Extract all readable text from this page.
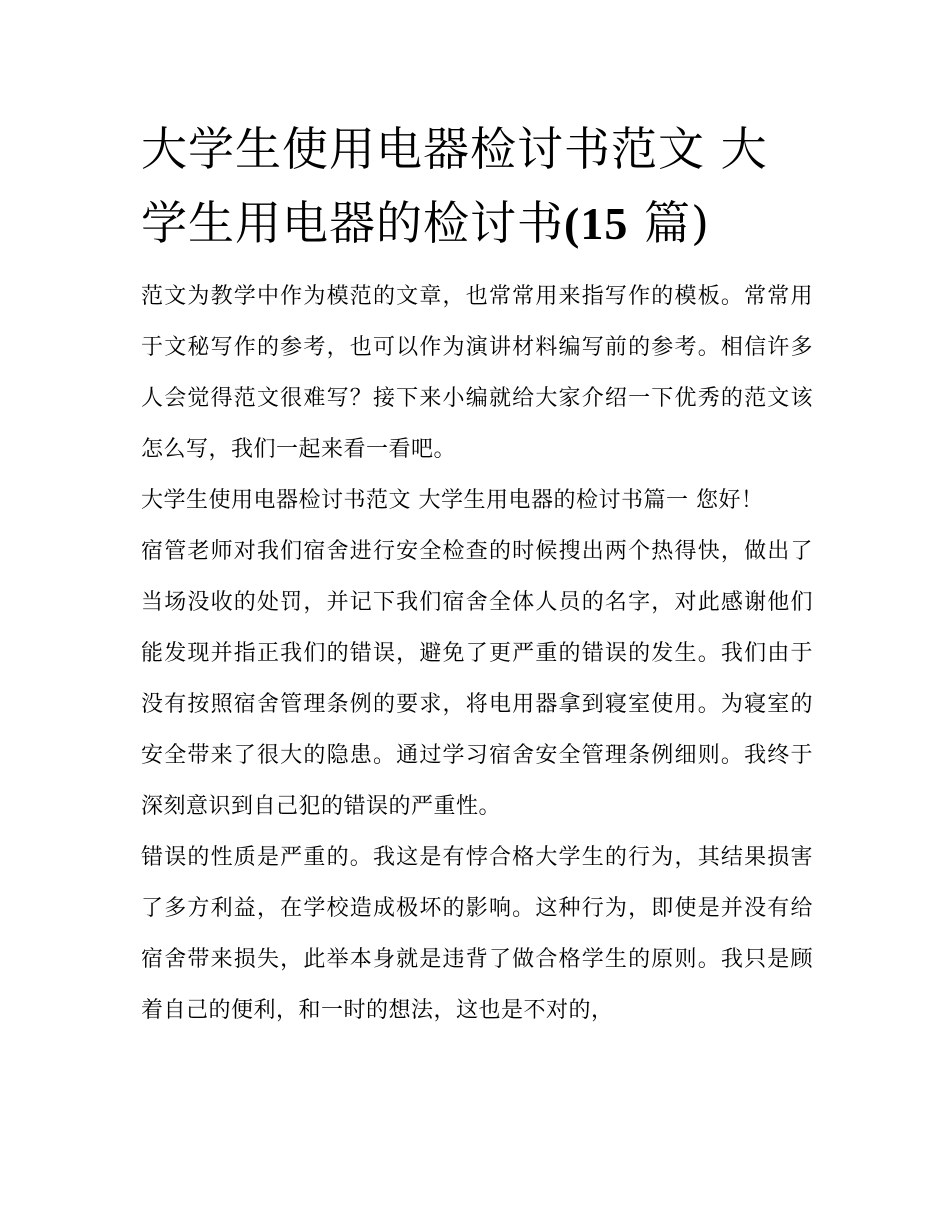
大学生使用电器检讨书范文 大学生用电器的检讨书(15 篇)

范文为教学中作为模范的文章，也常常用来指写作的模板。常常用于文秘写作的参考，也可以作为演讲材料编写前的参考。相信许多人会觉得范文很难写？接下来小编就给大家介绍一下优秀的范文该怎么写，我们一起来看一看吧。

大学生使用电器检讨书范文 大学生用电器的检讨书篇一 您好！

宿管老师对我们宿舍进行安全检查的时候搜出两个热得快，做出了当场没收的处罚，并记下我们宿舍全体人员的名字，对此感谢他们能发现并指正我们的错误，避免了更严重的错误的发生。我们由于没有按照宿舍管理条例的要求，将电用器拿到寝室使用。为寝室的安全带来了很大的隐患。通过学习宿舍安全管理条例细则。我终于深刻意识到自己犯的错误的严重性。

错误的性质是严重的。我这是有悖合格大学生的行为，其结果损害了多方利益，在学校造成极坏的影响。这种行为，即使是并没有给宿舍带来损失，此举本身就是违背了做合格学生的原则。我只是顾着自己的便利，和一时的想法，这也是不对的，
